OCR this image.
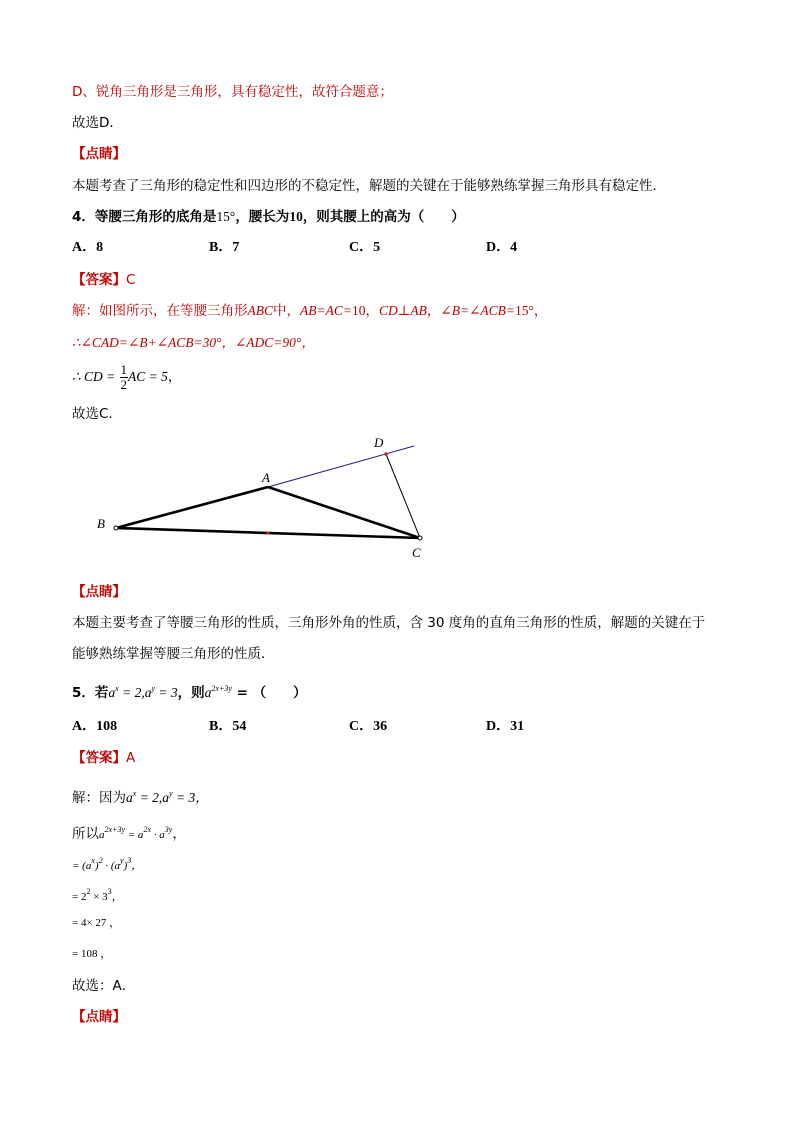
D、锐角三角形是三角形，具有稳定性，故符合题意；
故选D．
【点睛】
本题考查了三角形的稳定性和四边形的不稳定性，解题的关键在于能够熟练掌握三角形具有稳定性．
4．等腰三角形的底角是15°，腰长为10，则其腰上的高为（　　）
A．8	B．7	C．5	D．4
【答案】C
解：如图所示，在等腰三角形ABC中，AB=AC=10，CD⊥AB，∠B=∠ACB=15°，
∴∠CAD=∠B+∠ACB=30°，∠ADC=90°，
∴ CD = $\frac{1}{2}$ AC = 5，
故选C．
A
B
C
D
【点睛】
本题主要考查了等腰三角形的性质，三角形外角的性质，含 30 度角的直角三角形的性质，解题的关键在于
能够熟练掌握等腰三角形的性质．
5．若$a^x = 2,a^y = 3$，则$a^{2x+3y}$ = （　　）
A．108	B．54	C．36	D．31
【答案】A
解：因为$a^x = 2,a^y = 3$，
所以$a^{2x+3y} = a^{2x} \cdot a^{3y}$，
= $(a^x)^2 \cdot (a^y)^3$，
= $2^2 \times 3^3$，
= 4× 27 ，
= 108 ，
故选：A．
【点睛】
